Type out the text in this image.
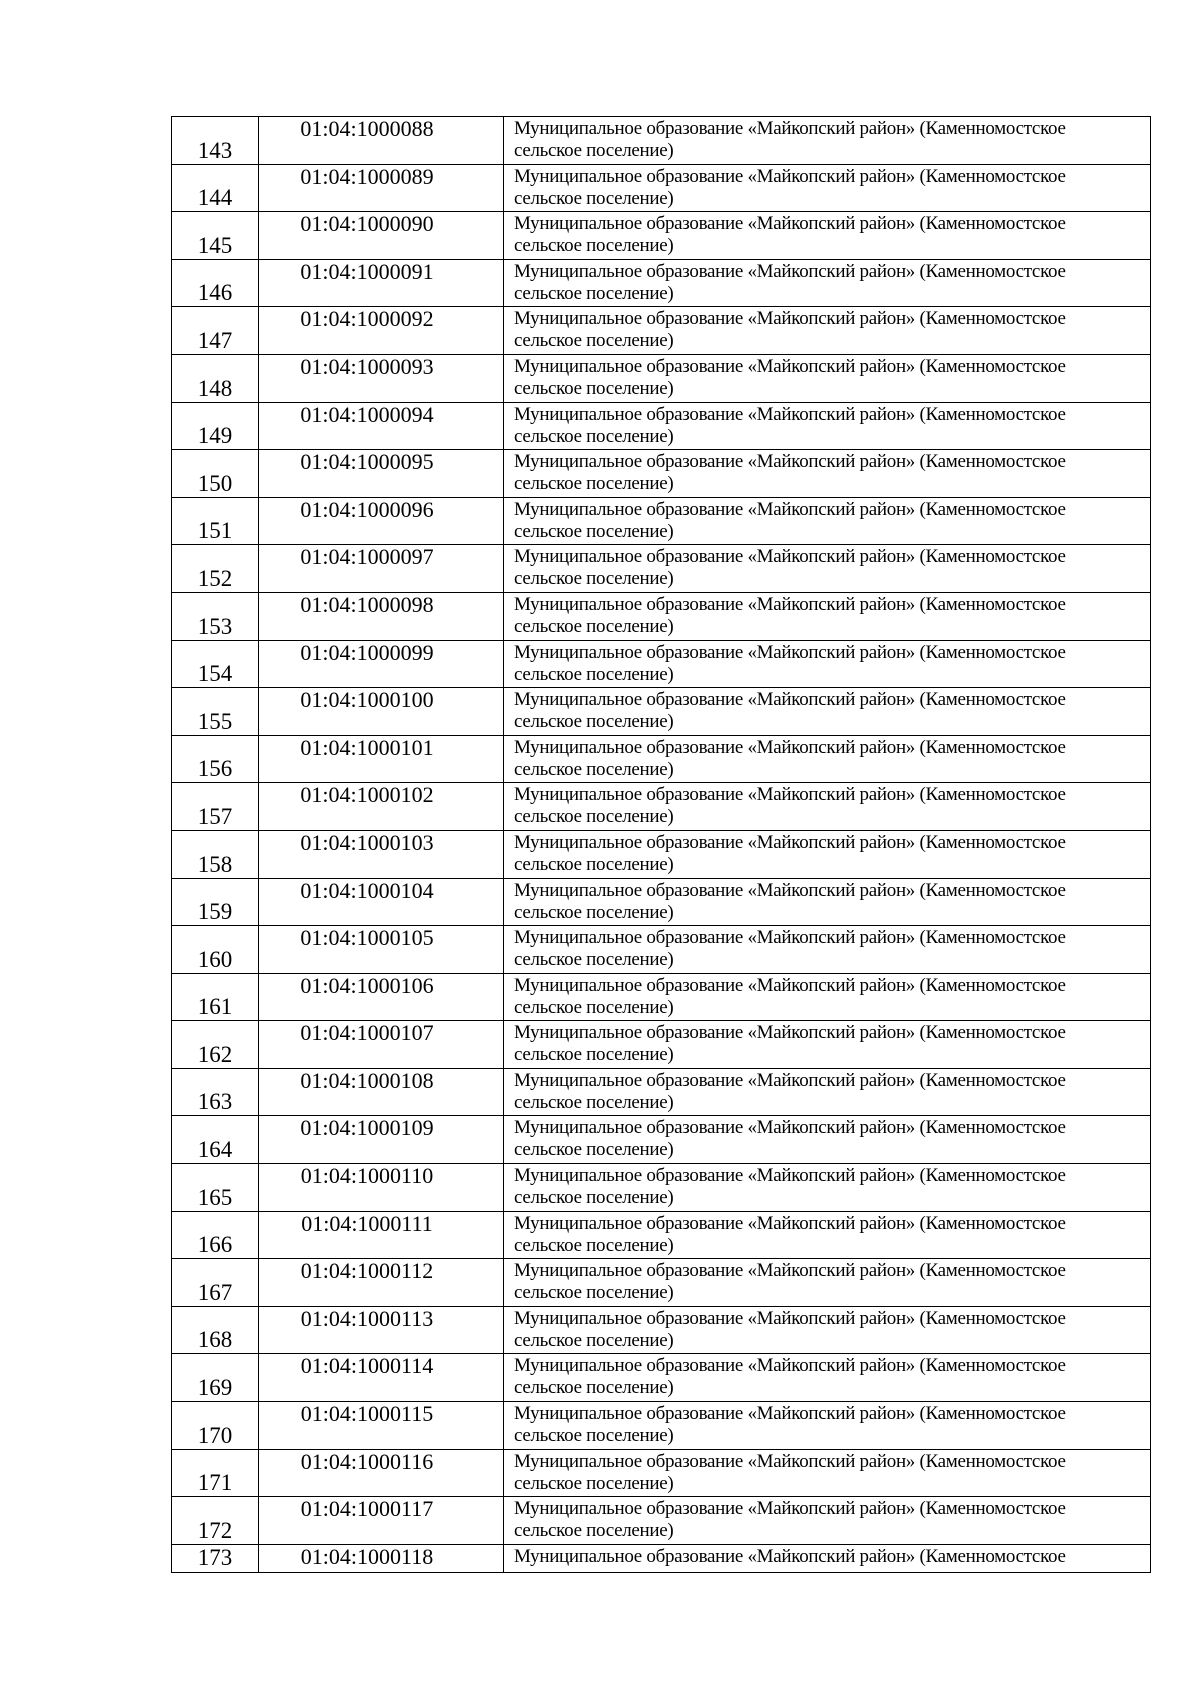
143	01:04:1000088	Муниципальное образование «Майкопский район» (Каменномостское
сельское поселение)

144	01:04:1000089	Муниципальное образование «Майкопский район» (Каменномостское
сельское поселение)

145	01:04:1000090	Муниципальное образование «Майкопский район» (Каменномостское
сельское поселение)

146	01:04:1000091	Муниципальное образование «Майкопский район» (Каменномостское
сельское поселение)

147	01:04:1000092	Муниципальное образование «Майкопский район» (Каменномостское
сельское поселение)

148	01:04:1000093	Муниципальное образование «Майкопский район» (Каменномостское
сельское поселение)

149	01:04:1000094	Муниципальное образование «Майкопский район» (Каменномостское
сельское поселение)

150	01:04:1000095	Муниципальное образование «Майкопский район» (Каменномостское
сельское поселение)

151	01:04:1000096	Муниципальное образование «Майкопский район» (Каменномостское
сельское поселение)

152	01:04:1000097	Муниципальное образование «Майкопский район» (Каменномостское
сельское поселение)

153	01:04:1000098	Муниципальное образование «Майкопский район» (Каменномостское
сельское поселение)

154	01:04:1000099	Муниципальное образование «Майкопский район» (Каменномостское
сельское поселение)

155	01:04:1000100	Муниципальное образование «Майкопский район» (Каменномостское
сельское поселение)

156	01:04:1000101	Муниципальное образование «Майкопский район» (Каменномостское
сельское поселение)

157	01:04:1000102	Муниципальное образование «Майкопский район» (Каменномостское
сельское поселение)

158	01:04:1000103	Муниципальное образование «Майкопский район» (Каменномостское
сельское поселение)

159	01:04:1000104	Муниципальное образование «Майкопский район» (Каменномостское
сельское поселение)

160	01:04:1000105	Муниципальное образование «Майкопский район» (Каменномостское
сельское поселение)

161	01:04:1000106	Муниципальное образование «Майкопский район» (Каменномостское
сельское поселение)

162	01:04:1000107	Муниципальное образование «Майкопский район» (Каменномостское
сельское поселение)

163	01:04:1000108	Муниципальное образование «Майкопский район» (Каменномостское
сельское поселение)

164	01:04:1000109	Муниципальное образование «Майкопский район» (Каменномостское
сельское поселение)

165	01:04:1000110	Муниципальное образование «Майкопский район» (Каменномостское
сельское поселение)

166	01:04:1000111	Муниципальное образование «Майкопский район» (Каменномостское
сельское поселение)

167	01:04:1000112	Муниципальное образование «Майкопский район» (Каменномостское
сельское поселение)

168	01:04:1000113	Муниципальное образование «Майкопский район» (Каменномостское
сельское поселение)

169	01:04:1000114	Муниципальное образование «Майкопский район» (Каменномостское
сельское поселение)

170	01:04:1000115	Муниципальное образование «Майкопский район» (Каменномостское
сельское поселение)

171	01:04:1000116	Муниципальное образование «Майкопский район» (Каменномостское
сельское поселение)

172	01:04:1000117	Муниципальное образование «Майкопский район» (Каменномостское
сельское поселение)

173	01:04:1000118	Муниципальное образование «Майкопский район» (Каменномостское
